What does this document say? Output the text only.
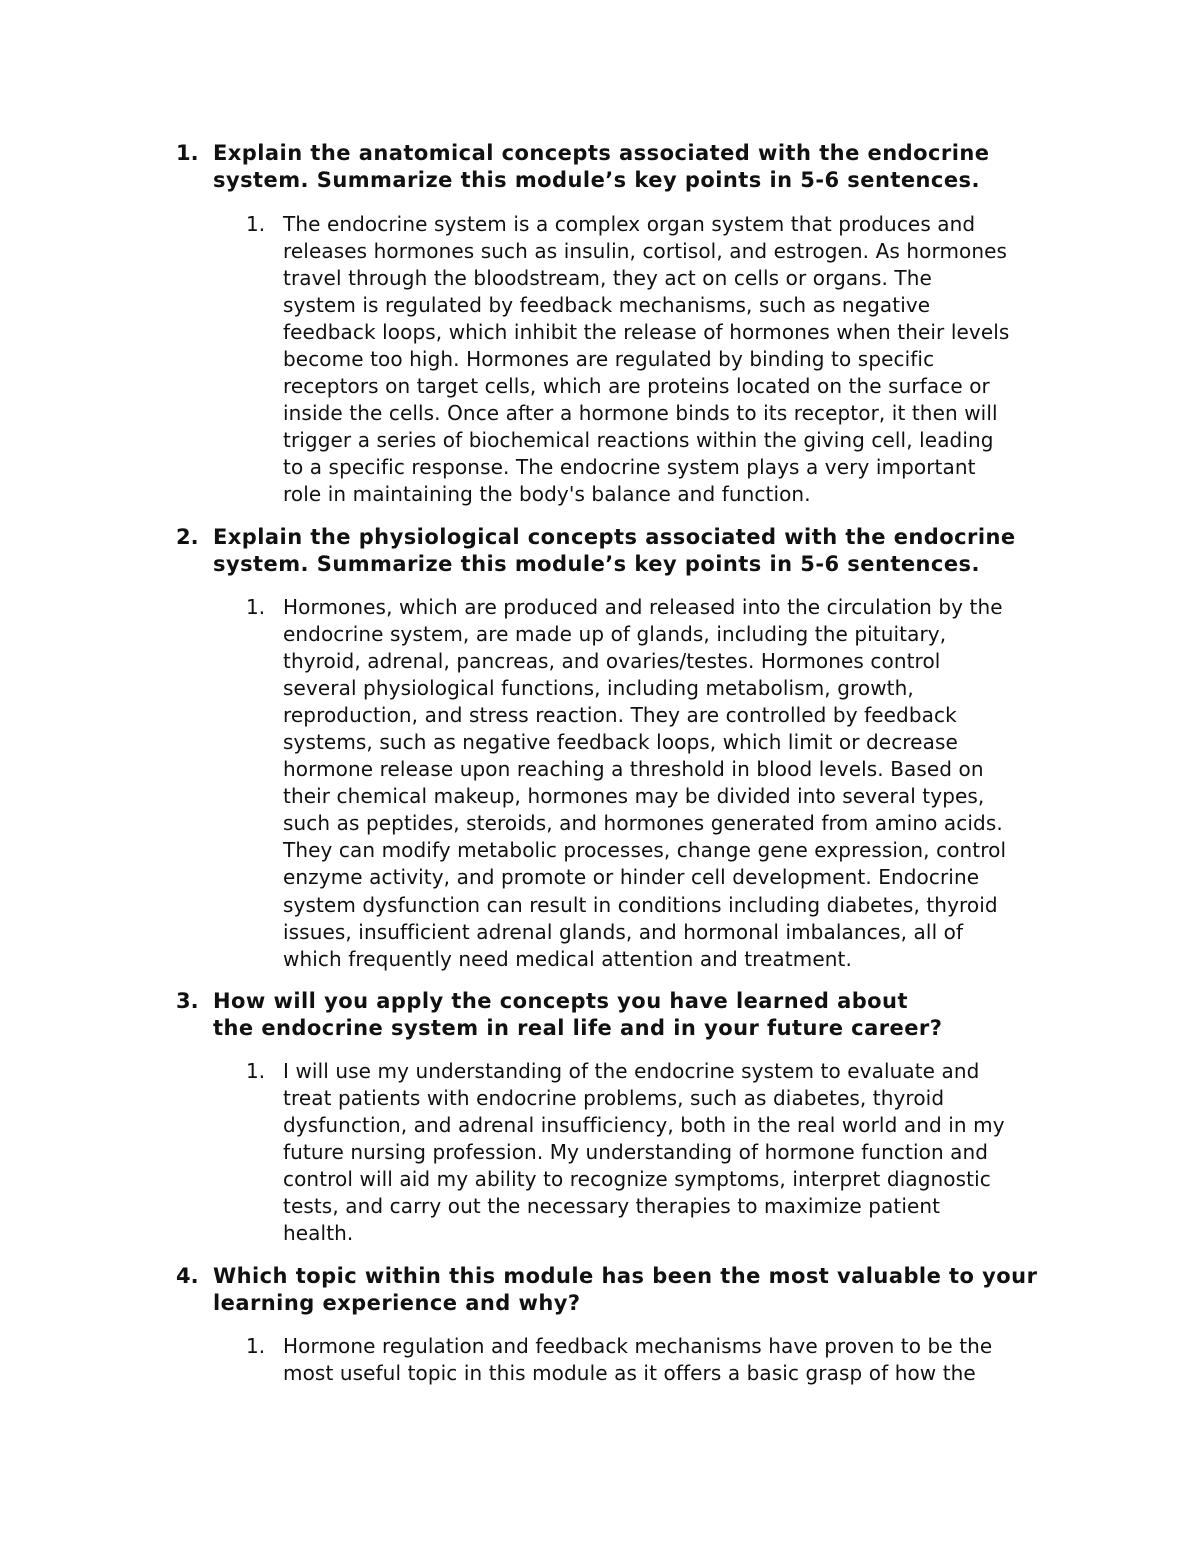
1. Explain the anatomical concepts associated with the endocrine
system. Summarize this module’s key points in 5-6 sentences.
1. The endocrine system is a complex organ system that produces and
releases hormones such as insulin, cortisol, and estrogen. As hormones
travel through the bloodstream, they act on cells or organs. The
system is regulated by feedback mechanisms, such as negative
feedback loops, which inhibit the release of hormones when their levels
become too high. Hormones are regulated by binding to specific
receptors on target cells, which are proteins located on the surface or
inside the cells. Once after a hormone binds to its receptor, it then will
trigger a series of biochemical reactions within the giving cell, leading
to a specific response. The endocrine system plays a very important
role in maintaining the body's balance and function.
2. Explain the physiological concepts associated with the endocrine
system. Summarize this module’s key points in 5-6 sentences.
1. Hormones, which are produced and released into the circulation by the
endocrine system, are made up of glands, including the pituitary,
thyroid, adrenal, pancreas, and ovaries/testes. Hormones control
several physiological functions, including metabolism, growth,
reproduction, and stress reaction. They are controlled by feedback
systems, such as negative feedback loops, which limit or decrease
hormone release upon reaching a threshold in blood levels. Based on
their chemical makeup, hormones may be divided into several types,
such as peptides, steroids, and hormones generated from amino acids.
They can modify metabolic processes, change gene expression, control
enzyme activity, and promote or hinder cell development. Endocrine
system dysfunction can result in conditions including diabetes, thyroid
issues, insufficient adrenal glands, and hormonal imbalances, all of
which frequently need medical attention and treatment.
3. How will you apply the concepts you have learned about
the endocrine system in real life and in your future career?
1. I will use my understanding of the endocrine system to evaluate and
treat patients with endocrine problems, such as diabetes, thyroid
dysfunction, and adrenal insufficiency, both in the real world and in my
future nursing profession. My understanding of hormone function and
control will aid my ability to recognize symptoms, interpret diagnostic
tests, and carry out the necessary therapies to maximize patient
health.
4. Which topic within this module has been the most valuable to your
learning experience and why?
1. Hormone regulation and feedback mechanisms have proven to be the
most useful topic in this module as it offers a basic grasp of how the
